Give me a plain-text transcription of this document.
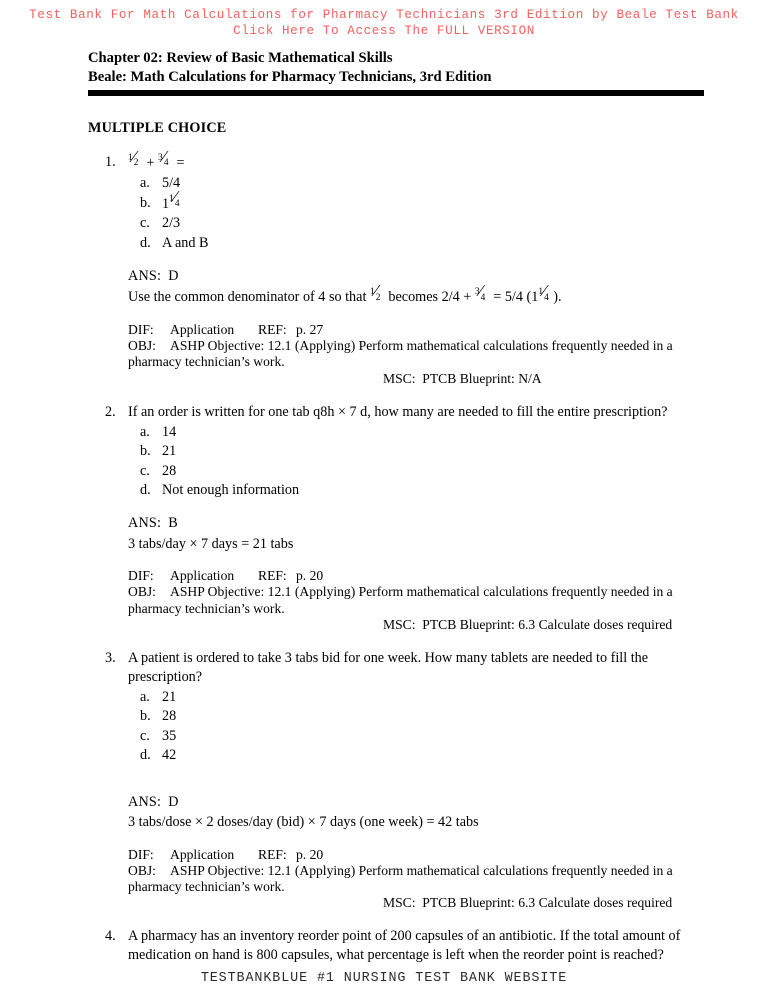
Test Bank For Math Calculations for Pharmacy Technicians 3rd Edition by Beale Test Bank
Click Here To Access The FULL VERSION
Chapter 02: Review of Basic Mathematical Skills
Beale: Math Calculations for Pharmacy Technicians, 3rd Edition
MULTIPLE CHOICE
1.	1 ⁄
2 + 3 ⁄
4 =
a. 5/4
b. 1 1 ⁄
4
c. 2/3
d. A and B
ANS: D
Use the common denominator of 4 so that 1 ⁄
2 becomes 2/4 + 3 ⁄
4 = 5/4 (1 1 ⁄
4 ).
DIF: Application REF: p. 27
OBJ: ASHP Objective: 12.1 (Applying) Perform mathematical calculations frequently needed in a pharmacy technician’s work.
MSC: PTCB Blueprint: N/A

2. If an order is written for one tab q8h × 7 d, how many are needed to fill the entire prescription?
a. 14
b. 21
c. 28
d. Not enough information
ANS: B
3 tabs/day × 7 days = 21 tabs
DIF: Application REF: p. 20
OBJ: ASHP Objective: 12.1 (Applying) Perform mathematical calculations frequently needed in a pharmacy technician’s work.
MSC: PTCB Blueprint: 6.3 Calculate doses required

3. A patient is ordered to take 3 tabs bid for one week. How many tablets are needed to fill the prescription?
a. 21
b. 28
c. 35
d. 42
ANS: D
3 tabs/dose × 2 doses/day (bid) × 7 days (one week) = 42 tabs
DIF: Application REF: p. 20
OBJ: ASHP Objective: 12.1 (Applying) Perform mathematical calculations frequently needed in a pharmacy technician’s work.
MSC: PTCB Blueprint: 6.3 Calculate doses required

4. A pharmacy has an inventory reorder point of 200 capsules of an antibiotic. If the total amount of medication on hand is 800 capsules, what percentage is left when the reorder point is reached?
TESTBANKBLUE #1 NURSING TEST BANK WEBSITE
